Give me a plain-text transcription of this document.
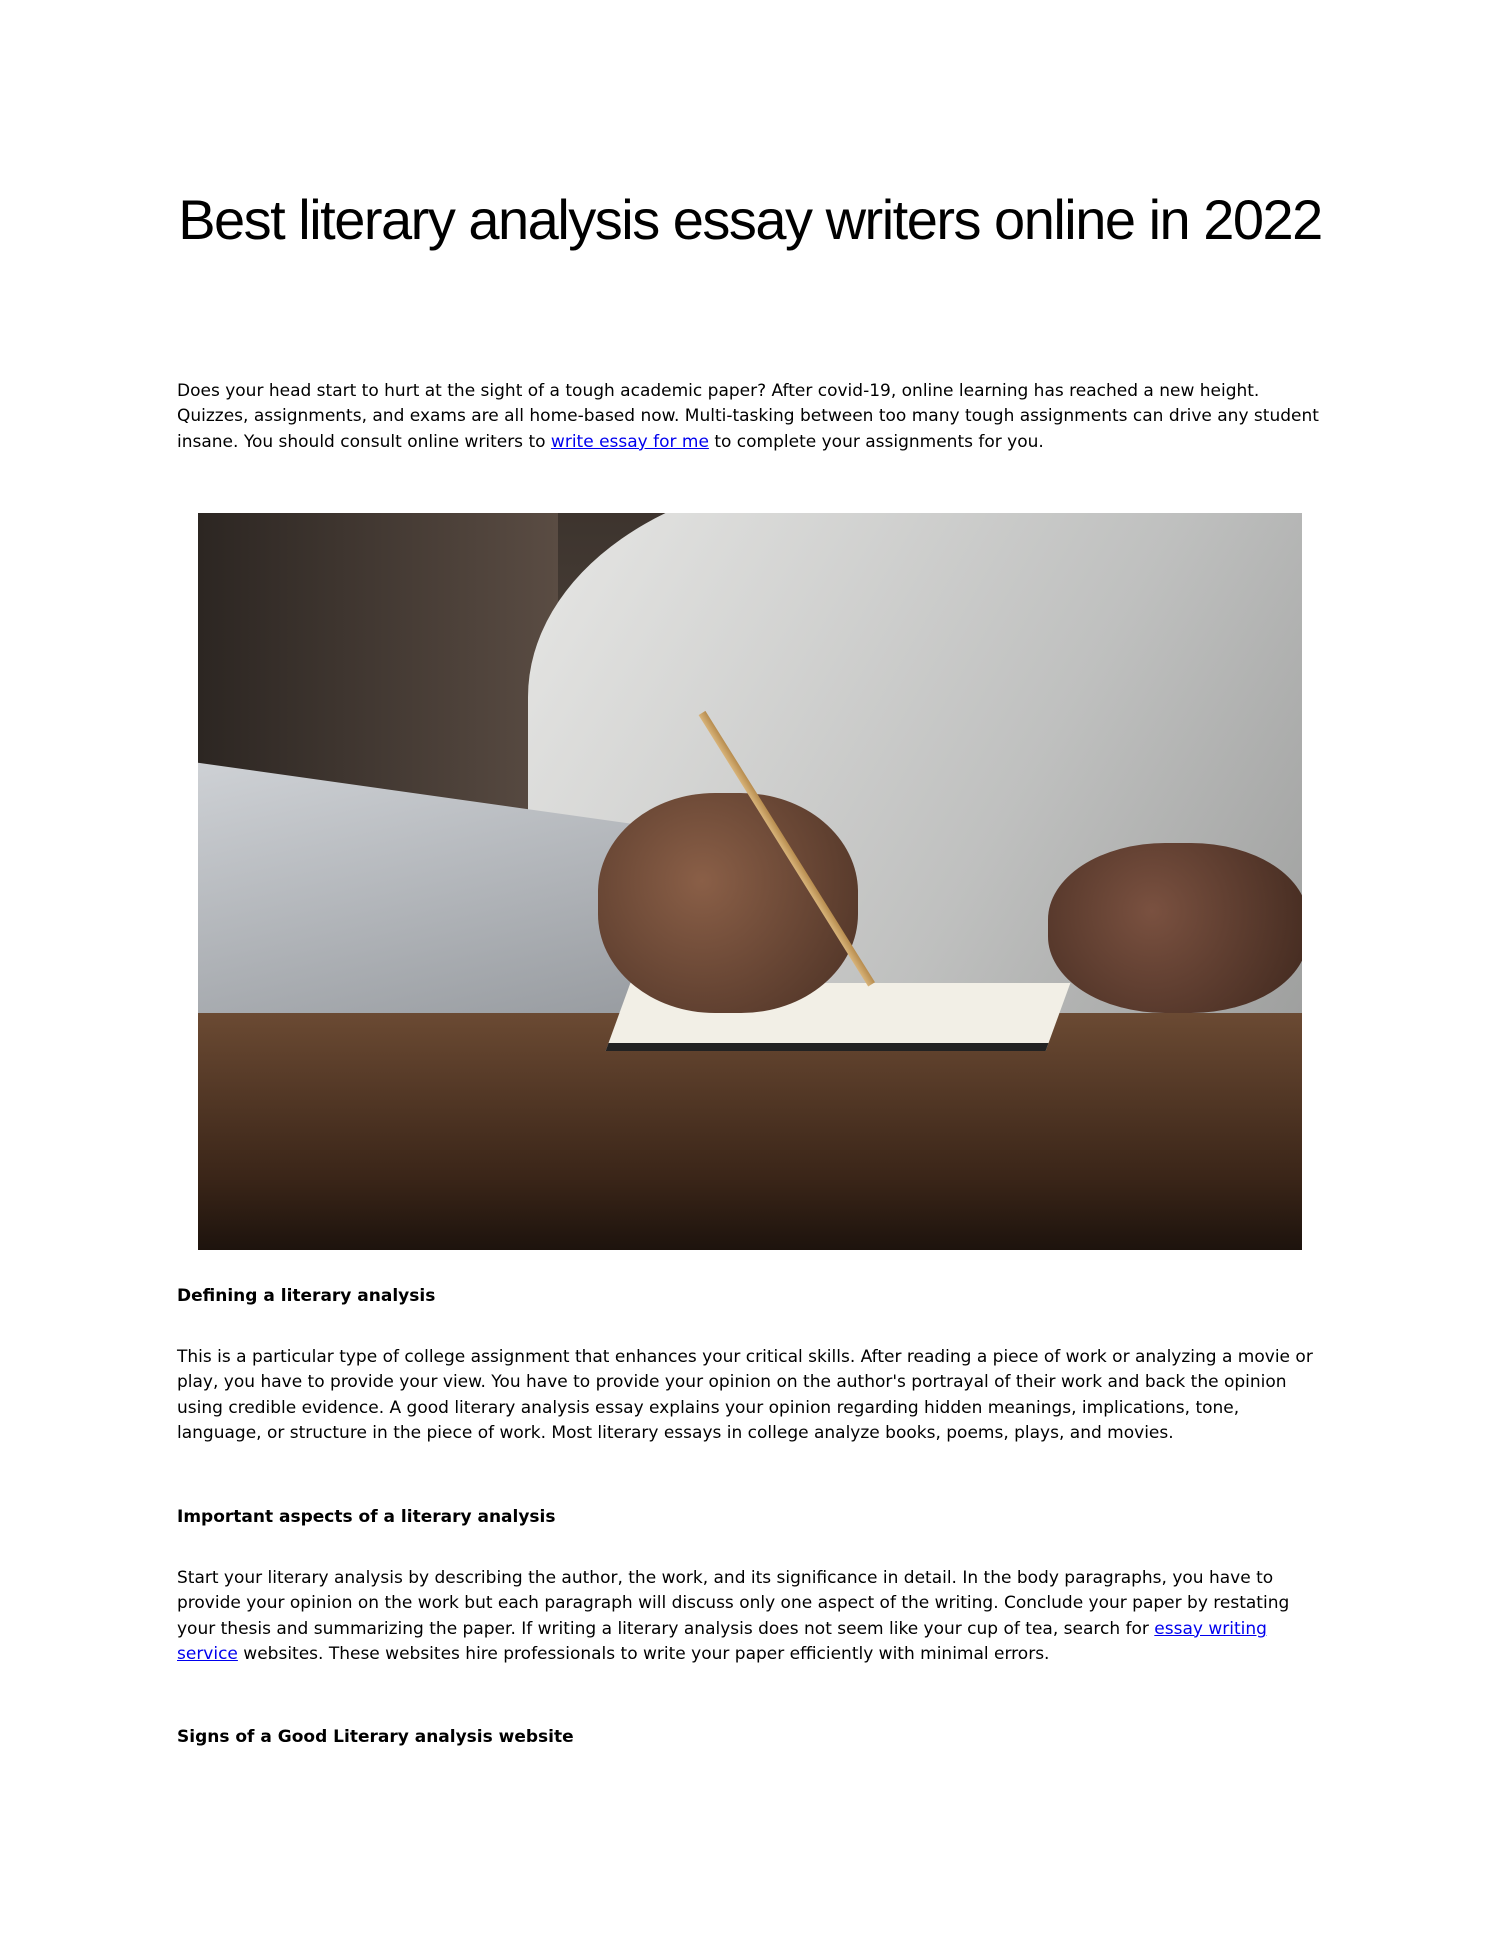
Best literary analysis essay writers online in 2022

Does your head start to hurt at the sight of a tough academic paper? After covid-19, online learning has reached a new height. Quizzes, assignments, and exams are all home-based now. Multi-tasking between too many tough assignments can drive any student insane. You should consult online writers to write essay for me to complete your assignments for you.

Defining a literary analysis

This is a particular type of college assignment that enhances your critical skills. After reading a piece of work or analyzing a movie or play, you have to provide your view. You have to provide your opinion on the author's portrayal of their work and back the opinion using credible evidence. A good literary analysis essay explains your opinion regarding hidden meanings, implications, tone, language, or structure in the piece of work. Most literary essays in college analyze books, poems, plays, and movies.

Important aspects of a literary analysis

Start your literary analysis by describing the author, the work, and its significance in detail. In the body paragraphs, you have to provide your opinion on the work but each paragraph will discuss only one aspect of the writing. Conclude your paper by restating your thesis and summarizing the paper. If writing a literary analysis does not seem like your cup of tea, search for essay writing service websites. These websites hire professionals to write your paper efficiently with minimal errors.

Signs of a Good Literary analysis website
